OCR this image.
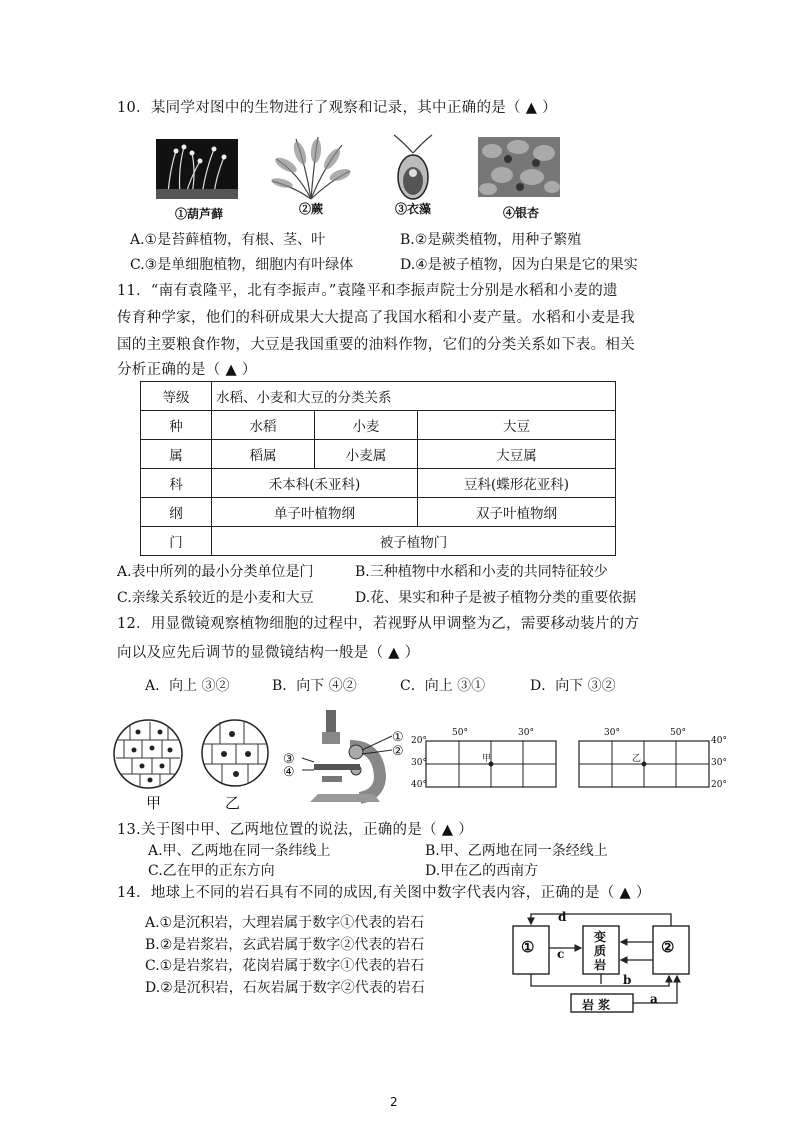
10．某同学对图中的生物进行了观察和记录，其中正确的是（ ▲ ）
①葫芦藓	②蕨	③衣藻	④银杏
A.①是苔藓植物，有根、茎、叶	B.②是蕨类植物，用种子繁殖
C.③是单细胞植物，细胞内有叶绿体	D.④是被子植物，因为白果是它的果实
11．“南有袁隆平，北有李振声。”袁隆平和李振声院士分别是水稻和小麦的遗
传育种学家，他们的科研成果大大提高了我国水稻和小麦产量。水稻和小麦是我
国的主要粮食作物，大豆是我国重要的油料作物，它们的分类关系如下表。相关
分析正确的是（ ▲ ）
等级	水稻、小麦和大豆的分类关系		
种	水稻	小麦	大豆
属	稻属	小麦属	大豆属
科	禾本科(禾亚科)		豆科(蝶形花亚科)
纲	单子叶植物纲		双子叶植物纲
门	被子植物门		
A.表中所列的最小分类单位是门	B.三种植物中水稻和小麦的共同特征较少
C.亲缘关系较近的是小麦和大豆	D.花、果实和种子是被子植物分类的重要依据
12．用显微镜观察植物细胞的过程中，若视野从甲调整为乙，需要移动装片的方
向以及应先后调节的显微镜结构一般是（ ▲ ）
A．向上 ③②	B．向下 ④②	C．向上 ③①	D．向下 ③②
甲	乙
①
②
③
④
50°	30°
20°
30°
40°
甲
30°	50°
40°
30°
20°
乙
13.关于图中甲、乙两地位置的说法，正确的是（ ▲ ）
A.甲、乙两地在同一条纬线上	B.甲、乙两地在同一条经线上
C.乙在甲的正东方向	D.甲在乙的西南方
14．地球上不同的岩石具有不同的成因,有关图中数字代表内容，正确的是（ ▲ ）
A.①是沉积岩，大理岩属于数字①代表的岩石
B.②是岩浆岩，玄武岩属于数字②代表的岩石
C.①是岩浆岩，花岗岩属于数字①代表的岩石
D.②是沉积岩，石灰岩属于数字②代表的岩石
①	②
变
质
岩
岩 浆
d
c
b
a
2
